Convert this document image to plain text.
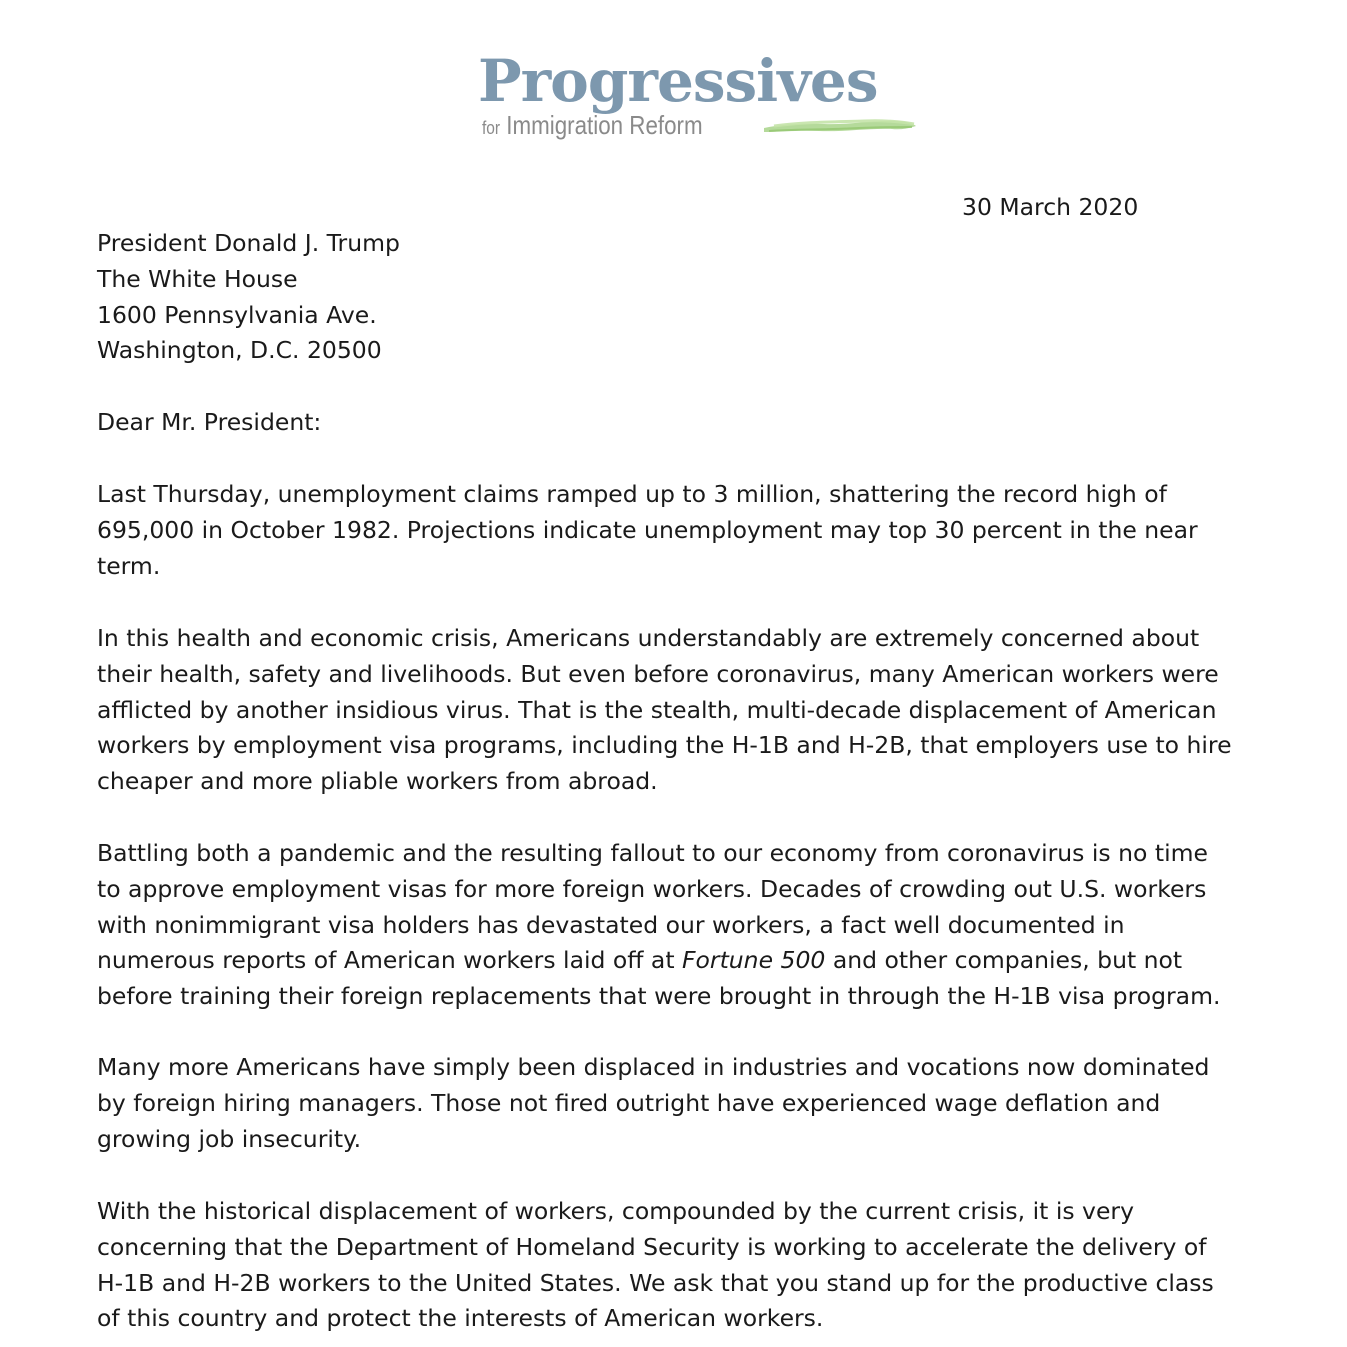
Progressives
for Immigration Reform
30 March 2020
President Donald J. Trump
The White House
1600 Pennsylvania Ave.
Washington, D.C. 20500
Dear Mr. President:
Last Thursday, unemployment claims ramped up to 3 million, shattering the record high of
695,000 in October 1982. Projections indicate unemployment may top 30 percent in the near
term.
In this health and economic crisis, Americans understandably are extremely concerned about
their health, safety and livelihoods. But even before coronavirus, many American workers were
afflicted by another insidious virus. That is the stealth, multi-decade displacement of American
workers by employment visa programs, including the H-1B and H-2B, that employers use to hire
cheaper and more pliable workers from abroad.
Battling both a pandemic and the resulting fallout to our economy from coronavirus is no time
to approve employment visas for more foreign workers. Decades of crowding out U.S. workers
with nonimmigrant visa holders has devastated our workers, a fact well documented in
numerous reports of American workers laid off at Fortune 500 and other companies, but not
before training their foreign replacements that were brought in through the H-1B visa program.
Many more Americans have simply been displaced in industries and vocations now dominated
by foreign hiring managers. Those not fired outright have experienced wage deflation and
growing job insecurity.
With the historical displacement of workers, compounded by the current crisis, it is very
concerning that the Department of Homeland Security is working to accelerate the delivery of
H-1B and H-2B workers to the United States. We ask that you stand up for the productive class
of this country and protect the interests of American workers.
